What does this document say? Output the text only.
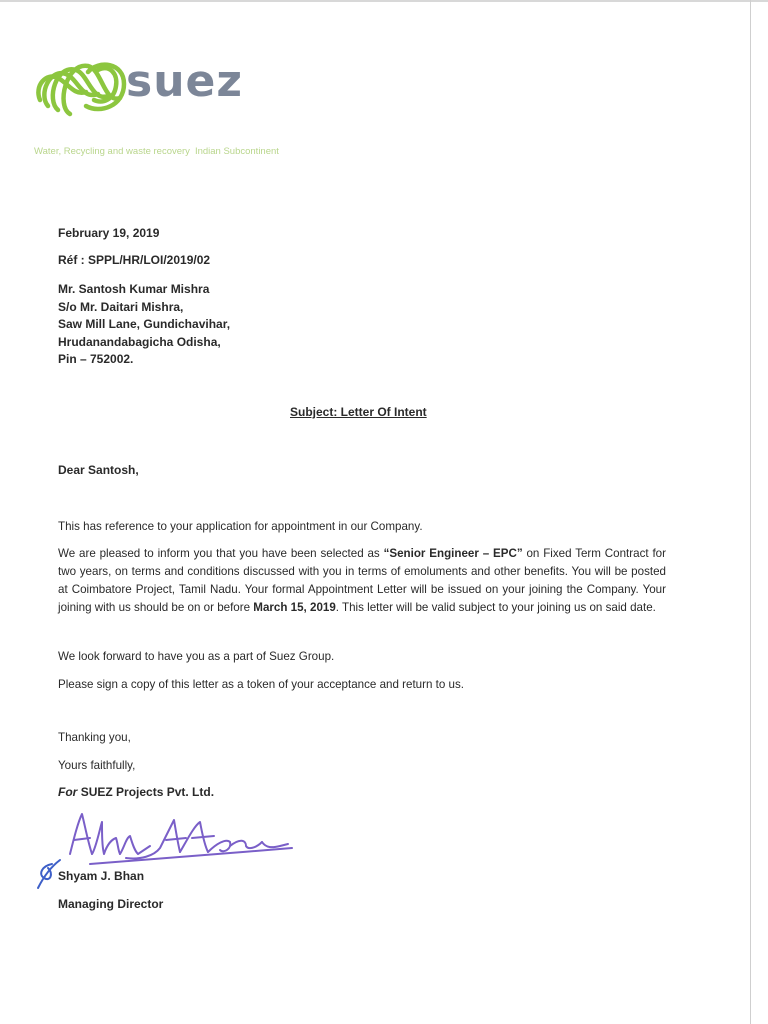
suez
Water, Recycling and waste recovery Indian Subcontinent
February 19, 2019
Réf : SPPL/HR/LOI/2019/02
Mr. Santosh Kumar Mishra
S/o Mr. Daitari Mishra,
Saw Mill Lane, Gundichavihar,
Hrudanandabagicha Odisha,
Pin – 752002.
Subject: Letter Of Intent
Dear Santosh,
This has reference to your application for appointment in our Company.
We are pleased to inform you that you have been selected as “Senior Engineer – EPC” on Fixed Term Contract for two years, on terms and conditions discussed with you in terms of emoluments and other benefits. You will be posted at Coimbatore Project, Tamil Nadu. Your formal Appointment Letter will be issued on your joining the Company. Your joining with us should be on or before March 15, 2019. This letter will be valid subject to your joining us on said date.
We look forward to have you as a part of Suez Group.
Please sign a copy of this letter as a token of your acceptance and return to us.
Thanking you,
Yours faithfully,
For SUEZ Projects Pvt. Ltd.
Shyam J. Bhan
Managing Director
